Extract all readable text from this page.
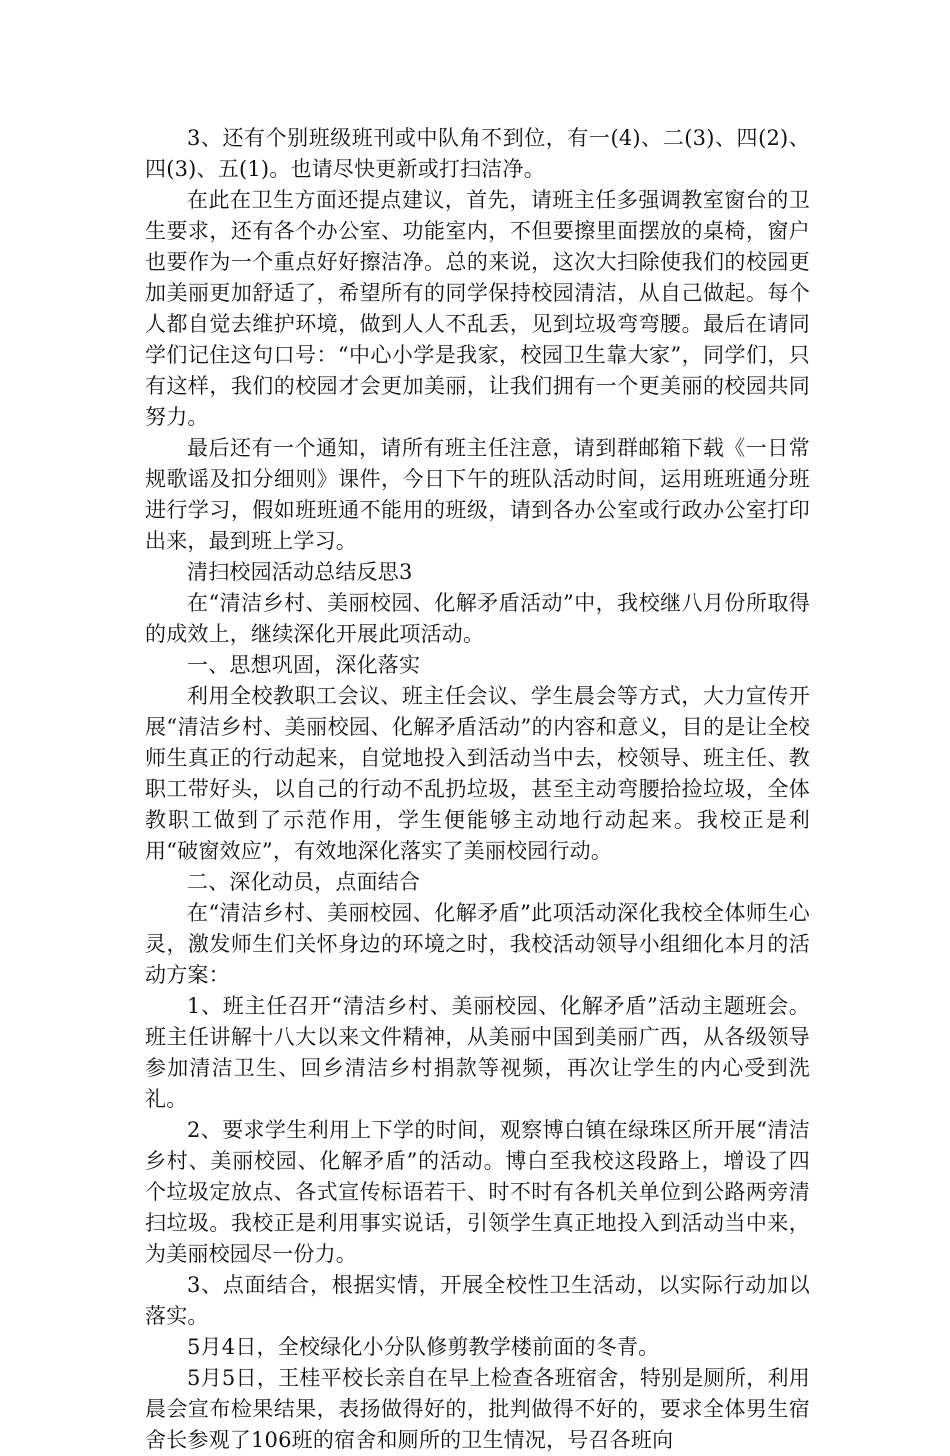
3、还有个别班级班刊或中队角不到位，有一(4)、二(3)、四(2)、四(3)、五(1)。也请尽快更新或打扫洁净。

在此在卫生方面还提点建议，首先，请班主任多强调教室窗台的卫生要求，还有各个办公室、功能室内，不但要擦里面摆放的桌椅，窗户也要作为一个重点好好擦洁净。总的来说，这次大扫除使我们的校园更加美丽更加舒适了，希望所有的同学保持校园清洁，从自己做起。每个人都自觉去维护环境，做到人人不乱丢，见到垃圾弯弯腰。最后在请同学们记住这句口号：“中心小学是我家，校园卫生靠大家”，同学们，只有这样，我们的校园才会更加美丽，让我们拥有一个更美丽的校园共同努力。

最后还有一个通知，请所有班主任注意，请到群邮箱下载《一日常规歌谣及扣分细则》课件，今日下午的班队活动时间，运用班班通分班进行学习，假如班班通不能用的班级，请到各办公室或行政办公室打印出来，最到班上学习。

清扫校园活动总结反思3

在“清洁乡村、美丽校园、化解矛盾活动”中，我校继八月份所取得的成效上，继续深化开展此项活动。

一、思想巩固，深化落实

利用全校教职工会议、班主任会议、学生晨会等方式，大力宣传开展“清洁乡村、美丽校园、化解矛盾活动”的内容和意义，目的是让全校师生真正的行动起来，自觉地投入到活动当中去，校领导、班主任、教职工带好头，以自己的行动不乱扔垃圾，甚至主动弯腰拾捡垃圾，全体教职工做到了示范作用，学生便能够主动地行动起来。我校正是利用“破窗效应”，有效地深化落实了美丽校园行动。

二、深化动员，点面结合

在“清洁乡村、美丽校园、化解矛盾”此项活动深化我校全体师生心灵，激发师生们关怀身边的环境之时，我校活动领导小组细化本月的活动方案：

1、班主任召开“清洁乡村、美丽校园、化解矛盾”活动主题班会。班主任讲解十八大以来文件精神，从美丽中国到美丽广西，从各级领导参加清洁卫生、回乡清洁乡村捐款等视频，再次让学生的内心受到洗礼。

2、要求学生利用上下学的时间，观察博白镇在绿珠区所开展“清洁乡村、美丽校园、化解矛盾”的活动。博白至我校这段路上，增设了四个垃圾定放点、各式宣传标语若干、时不时有各机关单位到公路两旁清扫垃圾。我校正是利用事实说话，引领学生真正地投入到活动当中来，为美丽校园尽一份力。

3、点面结合，根据实情，开展全校性卫生活动，以实际行动加以落实。

5月4日，全校绿化小分队修剪教学楼前面的冬青。

5月5日，王桂平校长亲自在早上检查各班宿舍，特别是厕所，利用晨会宣布检果结果，表扬做得好的，批判做得不好的，要求全体男生宿舍长参观了106班的宿舍和厕所的卫生情况，号召各班向
